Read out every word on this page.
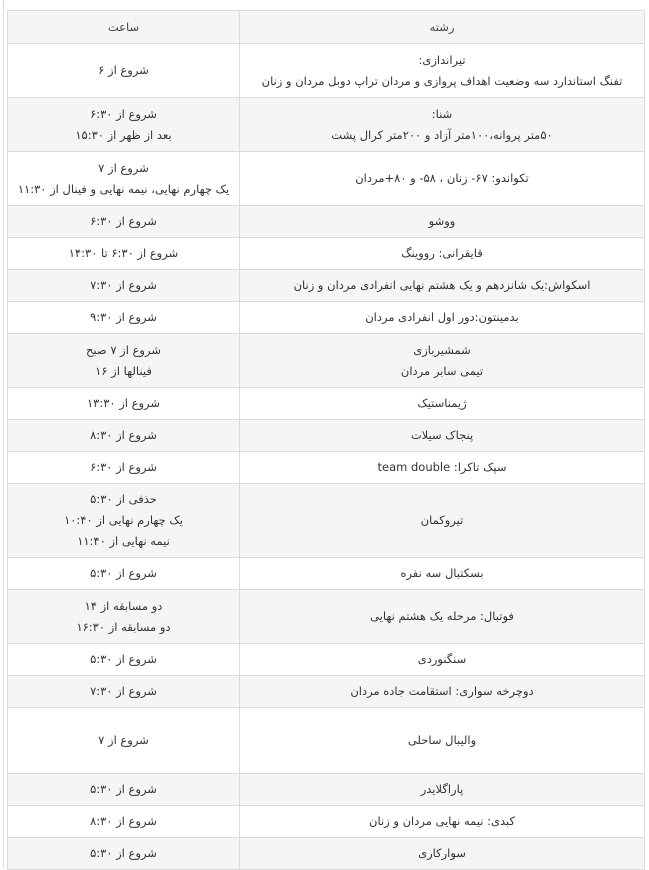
رشته	ساعت

تیراندازی:
تفنگ استاندارد سه وضعیت اهداف پروازی و مردان تراپ دوبل مردان و زنان	شروع از ۶

شنا:
۵۰متر پروانه،۱۰۰متر آزاد و ۲۰۰متر کرال پشت	شروع از ۶:۳۰
بعد از ظهر از ۱۵:۳۰

تکواندو: ۶۷- زنان ، ۵۸- و ۸۰+مردان	شروع از ۷
یک چهارم نهایی، نیمه نهایی و فینال از ۱۱:۳۰

ووشو	شروع از ۶:۳۰

قایقرانی: رووینگ	شروع از ۶:۳۰ تا ۱۴:۳۰

اسکواش:یک شانزدهم و یک هشتم نهایی انفرادی مردان و زنان	شروع از ۷:۳۰

بدمینتون:دور اول انفرادی مردان	شروع از ۹:۳۰

شمشیربازی
تیمی سابر مردان	شروع از ۷ صبح
فینالها از ۱۶

ژیمناستیک	شروع از ۱۳:۳۰

پنجاک سیلات	شروع از ۸:۳۰

سپک تاکرا: team double	شروع از ۶:۳۰

تیروکمان	حذفی از ۵:۳۰
یک چهارم نهایی از ۱۰:۴۰
نیمه نهایی از ۱۱:۴۰

بسکتبال سه نفره	شروع از ۵:۳۰

فوتبال: مرحله یک هشتم نهایی	دو مسابقه از ۱۴
دو مسابقه از ۱۶:۳۰

سنگنوردی	شروع از ۵:۳۰

دوچرخه سواری: استقامت جاده مردان	شروع از ۷:۳۰

والیبال ساحلی	شروع از ۷

پاراگلایدر	شروع از ۵:۳۰

کبدی: نیمه نهایی مردان و زنان	شروع از ۸:۳۰

سوارکاری	شروع از ۵:۳۰
